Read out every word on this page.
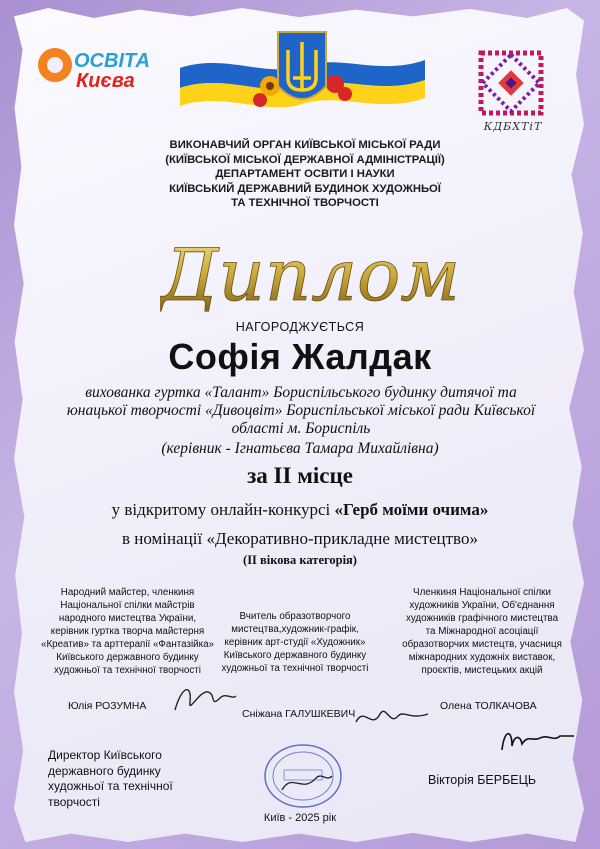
ОСВІТА
Києва
КДБХТіТ
ВИКОНАВЧИЙ ОРГАН КИЇВСЬКОЇ МІСЬКОЇ РАДИ
(КИЇВСЬКОЇ МІСЬКОЇ ДЕРЖАВНОЇ АДМІНІСТРАЦІЇ)
ДЕПАРТАМЕНТ ОСВІТИ І НАУКИ
КИЇВСЬКИЙ ДЕРЖАВНИЙ БУДИНОК ХУДОЖНЬОЇ
ТА ТЕХНІЧНОЇ ТВОРЧОСТІ
Диплом
НАГОРОДЖУЄТЬСЯ
Софія Жалдак
вихованка гуртка «Талант» Бориспільського будинку дитячої та юнацької творчості «Дивоцвіт» Бориспільської міської ради Київської області м. Бориспіль
(керівник - Ігнатьєва Тамара Михайлівна)
за ІІ місце
у відкритому онлайн-конкурсі «Герб моїми очима»
в номінації «Декоративно-прикладне мистецтво»
(ІІ вікова категорія)
Народний майстер, членкиня Національної спілки майстрів народного мистецтва України, керівник гуртка творча майстерня «Креатив» та арттерапії «Фантазійка» Київського державного будинку художньої та технічної творчості
Вчитель образотворчого мистецтва,художник-графік, керівник арт-студії «Художник» Київського державного будинку художньої та технічної творчості
Членкиня Національної спілки художників України, Об'єднання художників графічного мистецтва та Міжнародної асоціації образотворчих мистецтв, учасниця міжнародних художніх виставок, проєктів, мистецьких акцій
Юлія РОЗУМНА
Сніжана ГАЛУШКЕВИЧ
Олена ТОЛКАЧОВА
Директор Київського державного будинку художньої та технічної творчості
Вікторія БЕРБЕЦЬ
Київ - 2025 рік
